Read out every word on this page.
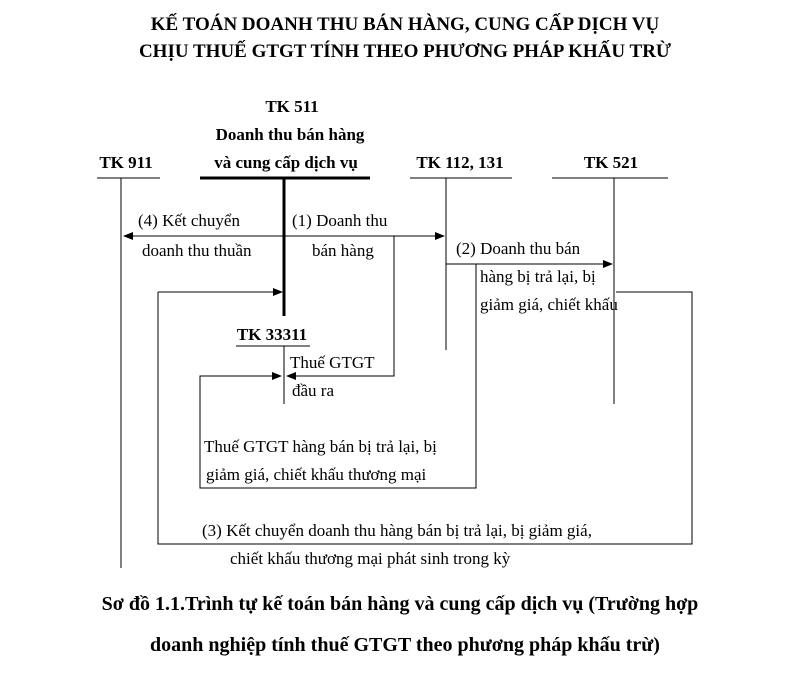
KẾ TOÁN DOANH THU BÁN HÀNG, CUNG CẤP DỊCH VỤ
CHỊU THUẾ GTGT TÍNH THEO PHƯƠNG PHÁP KHẤU TRỪ
TK 511
Doanh thu bán hàng
và cung cấp dịch vụ
TK 911	TK 112, 131	TK 521
TK 33311
(4) Kết chuyển
doanh thu thuần
(1) Doanh thu
bán hàng	(2) Doanh thu bán
hàng bị trả lại, bị
giảm giá, chiết khấu
(3) Kết chuyển doanh thu hàng bán bị trả lại, bị giảm giá,
chiết khấu thương mại phát sinh trong kỳ
Thuế GTGT
đầu ra
Thuế GTGT hàng bán bị trả lại, bị
giảm giá, chiết khấu thương mại
Sơ đồ 1.1.Trình tự kế toán bán hàng và cung cấp dịch vụ (Trường hợp
doanh nghiệp tính thuế GTGT theo phương pháp khấu trừ)
